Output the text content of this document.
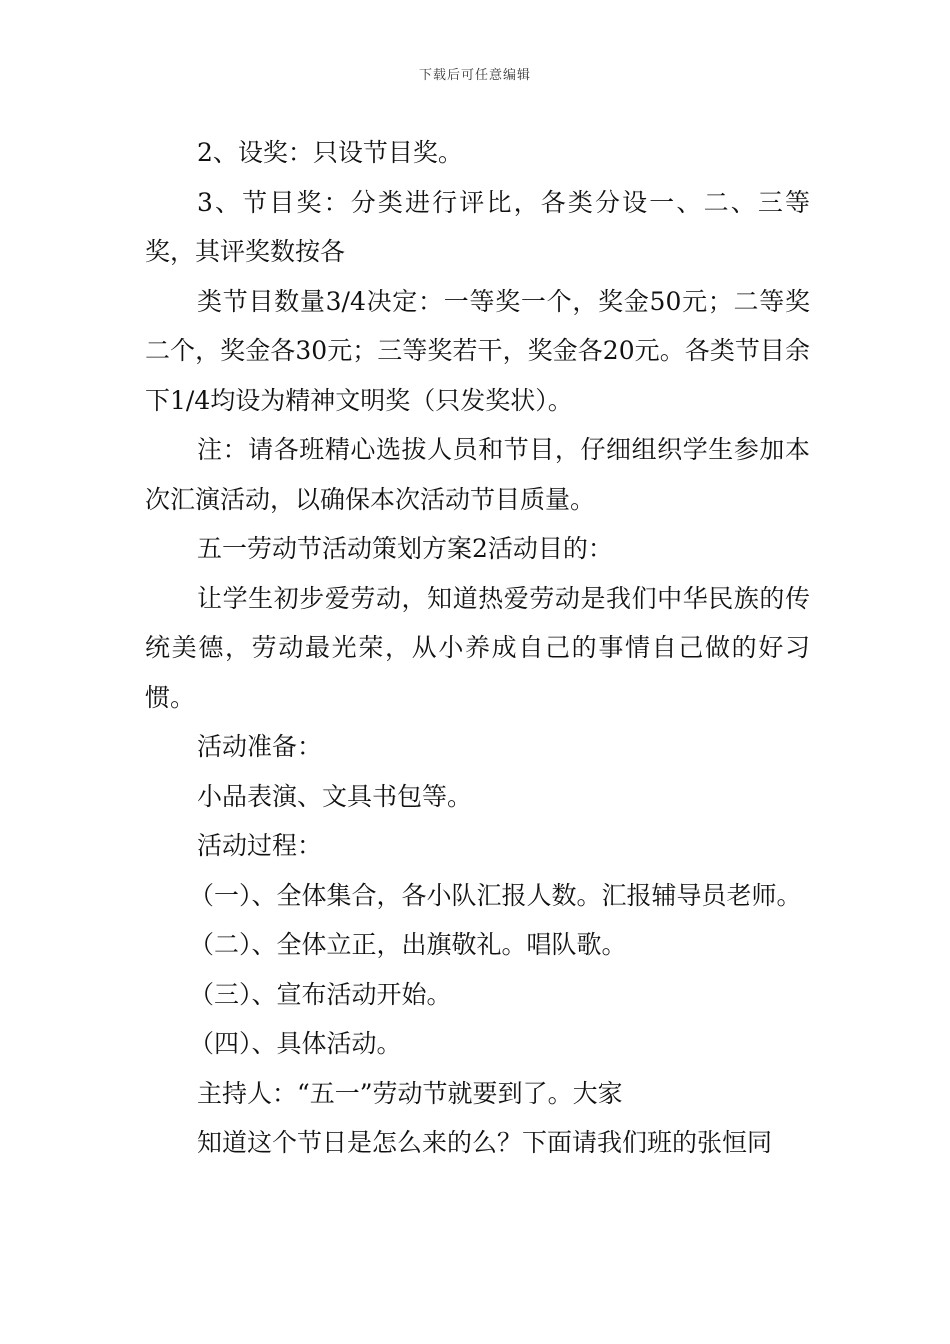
下载后可任意编辑

2、设奖：只设节目奖。

3、节目奖：分类进行评比，各类分设一、二、三等奖，其评奖数按各

类节目数量3/4决定：一等奖一个，奖金50元；二等奖二个，奖金各30元；三等奖若干，奖金各20元。各类节目余下1/4均设为精神文明奖（只发奖状）。

注：请各班精心选拔人员和节目，仔细组织学生参加本次汇演活动，以确保本次活动节目质量。

五一劳动节活动策划方案2活动目的：

让学生初步爱劳动，知道热爱劳动是我们中华民族的传统美德，劳动最光荣，从小养成自己的事情自己做的好习惯。

活动准备：

小品表演、文具书包等。

活动过程：

（一）、全体集合，各小队汇报人数。汇报辅导员老师。

（二）、全体立正，出旗敬礼。唱队歌。

（三）、宣布活动开始。

（四）、具体活动。

主持人：“五一”劳动节就要到了。大家

知道这个节日是怎么来的么？下面请我们班的张恒同
